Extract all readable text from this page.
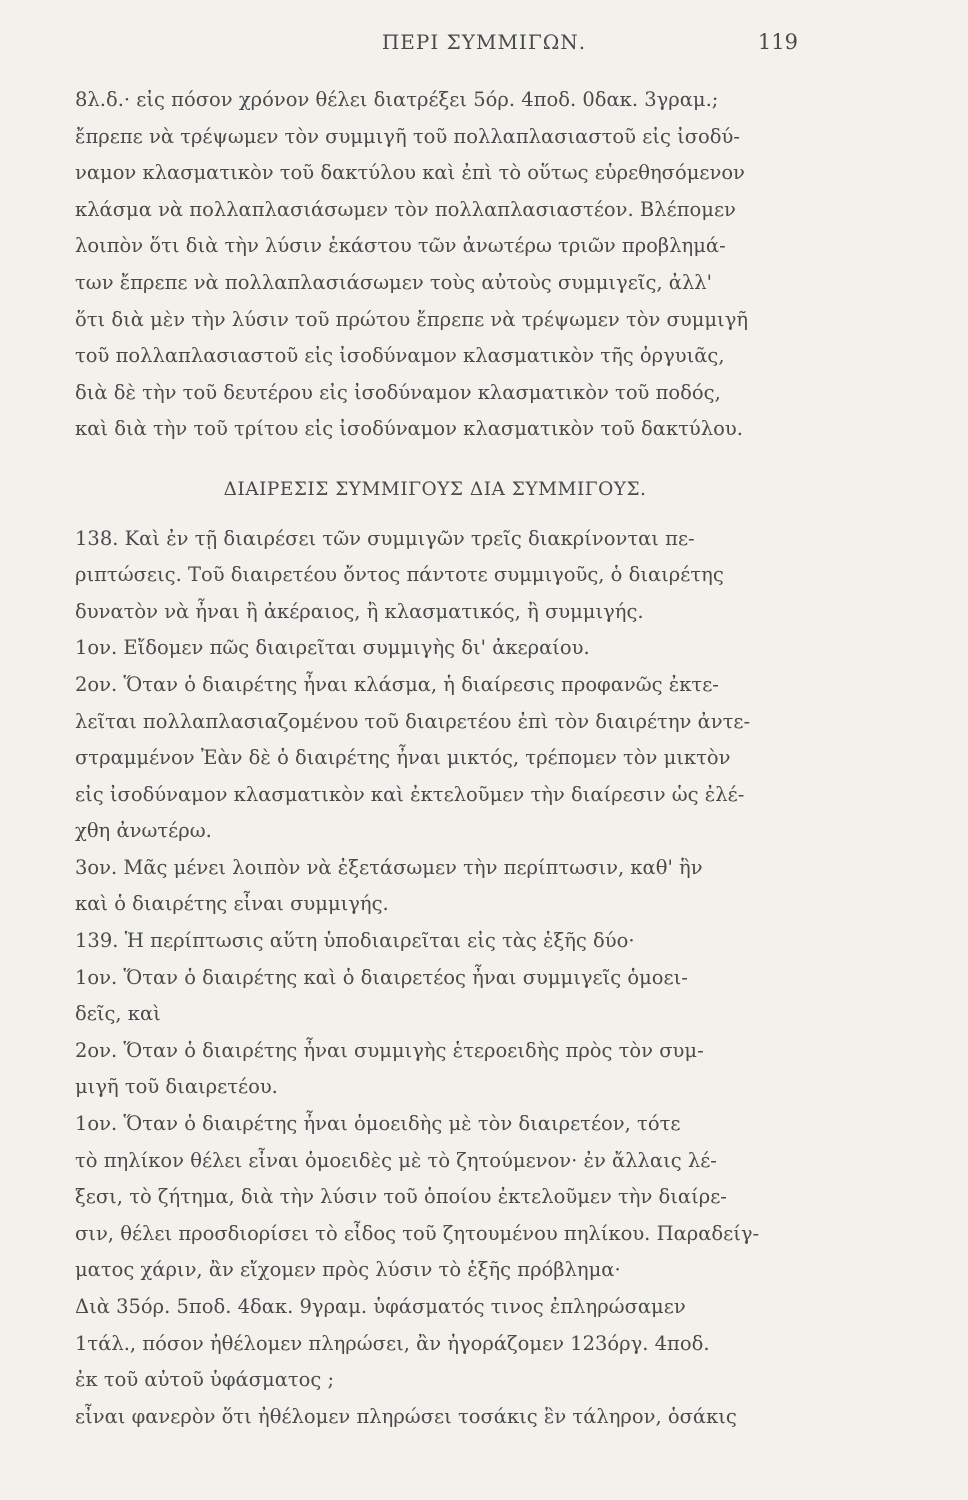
ΠΕΡΙ ΣΥΜΜΙΓΩΝ.	119
8λ.δ.· εἰς πόσον χρόνον θέλει διατρέξει 5όρ. 4ποδ. 0δακ. 3γραμ.;
ἔπρεπε νὰ τρέψωμεν τὸν συμμιγῆ τοῦ πολλαπλασιαστοῦ εἰς ἰσοδύ-
ναμον κλασματικὸν τοῦ δακτύλου καὶ ἐπὶ τὸ οὕτως εὑρεθησόμενον
κλάσμα νὰ πολλαπλασιάσωμεν τὸν πολλαπλασιαστέον. Βλέπομεν
λοιπὸν ὅτι διὰ τὴν λύσιν ἑκάστου τῶν ἀνωτέρω τριῶν προβλημά-
των ἔπρεπε νὰ πολλαπλασιάσωμεν τοὺς αὐτοὺς συμμιγεῖς, ἀλλ'
ὅτι διὰ μὲν τὴν λύσιν τοῦ πρώτου ἔπρεπε νὰ τρέψωμεν τὸν συμμιγῆ
τοῦ πολλαπλασιαστοῦ εἰς ἰσοδύναμον κλασματικὸν τῆς ὀργυιᾶς,
διὰ δὲ τὴν τοῦ δευτέρου εἰς ἰσοδύναμον κλασματικὸν τοῦ ποδός,
καὶ διὰ τὴν τοῦ τρίτου εἰς ἰσοδύναμον κλασματικὸν τοῦ δακτύλου.
ΔΙΑΙΡΕΣΙΣ ΣΥΜΜΙΓΟΥΣ ΔΙΑ ΣΥΜΜΙΓΟΥΣ.
138. Καὶ ἐν τῇ διαιρέσει τῶν συμμιγῶν τρεῖς διακρίνονται πε-
ριπτώσεις. Τοῦ διαιρετέου ὄντος πάντοτε συμμιγοῦς, ὁ διαιρέτης
δυνατὸν νὰ ἦναι ἢ ἀκέραιος, ἢ κλασματικός, ἢ συμμιγής.
1ον. Εἴδομεν πῶς διαιρεῖται συμμιγὴς δι' ἀκεραίου.
2ον. Ὅταν ὁ διαιρέτης ἦναι κλάσμα, ἡ διαίρεσις προφανῶς ἐκτε-
λεῖται πολλαπλασιαζομένου τοῦ διαιρετέου ἐπὶ τὸν διαιρέτην ἀντε-
στραμμένον Ἐὰν δὲ ὁ διαιρέτης ἦναι μικτός, τρέπομεν τὸν μικτὸν
εἰς ἰσοδύναμον κλασματικὸν καὶ ἐκτελοῦμεν τὴν διαίρεσιν ὡς ἐλέ-
χθη ἀνωτέρω.
3ον. Μᾶς μένει λοιπὸν νὰ ἐξετάσωμεν τὴν περίπτωσιν, καθ' ἣν
καὶ ὁ διαιρέτης εἶναι συμμιγής.
139. Ἡ περίπτωσις αὕτη ὑποδιαιρεῖται εἰς τὰς ἑξῆς δύο·
1ον. Ὅταν ὁ διαιρέτης καὶ ὁ διαιρετέος ἦναι συμμιγεῖς ὁμοει-
δεῖς, καὶ
2ον. Ὅταν ὁ διαιρέτης ἦναι συμμιγὴς ἑτεροειδὴς πρὸς τὸν συμ-
μιγῆ τοῦ διαιρετέου.
1ον. Ὅταν ὁ διαιρέτης ἦναι ὁμοειδὴς μὲ τὸν διαιρετέον, τότε
τὸ πηλίκον θέλει εἶναι ὁμοειδὲς μὲ τὸ ζητούμενον· ἐν ἄλλαις λέ-
ξεσι, τὸ ζήτημα, διὰ τὴν λύσιν τοῦ ὁποίου ἐκτελοῦμεν τὴν διαίρε-
σιν, θέλει προσδιορίσει τὸ εἶδος τοῦ ζητουμένου πηλίκου. Παραδείγ-
ματος χάριν, ἂν εἴχομεν πρὸς λύσιν τὸ ἑξῆς πρόβλημα·
Διὰ 35όρ. 5ποδ. 4δακ. 9γραμ. ὑφάσματός τινος ἐπληρώσαμεν
1τάλ., πόσον ἠθέλομεν πληρώσει, ἂν ἠγοράζομεν 123όργ. 4ποδ.
ἐκ τοῦ αὐτοῦ ὑφάσματος ;
εἶναι φανερὸν ὅτι ἠθέλομεν πληρώσει τοσάκις ἓν τάληρον, ὁσάκις
